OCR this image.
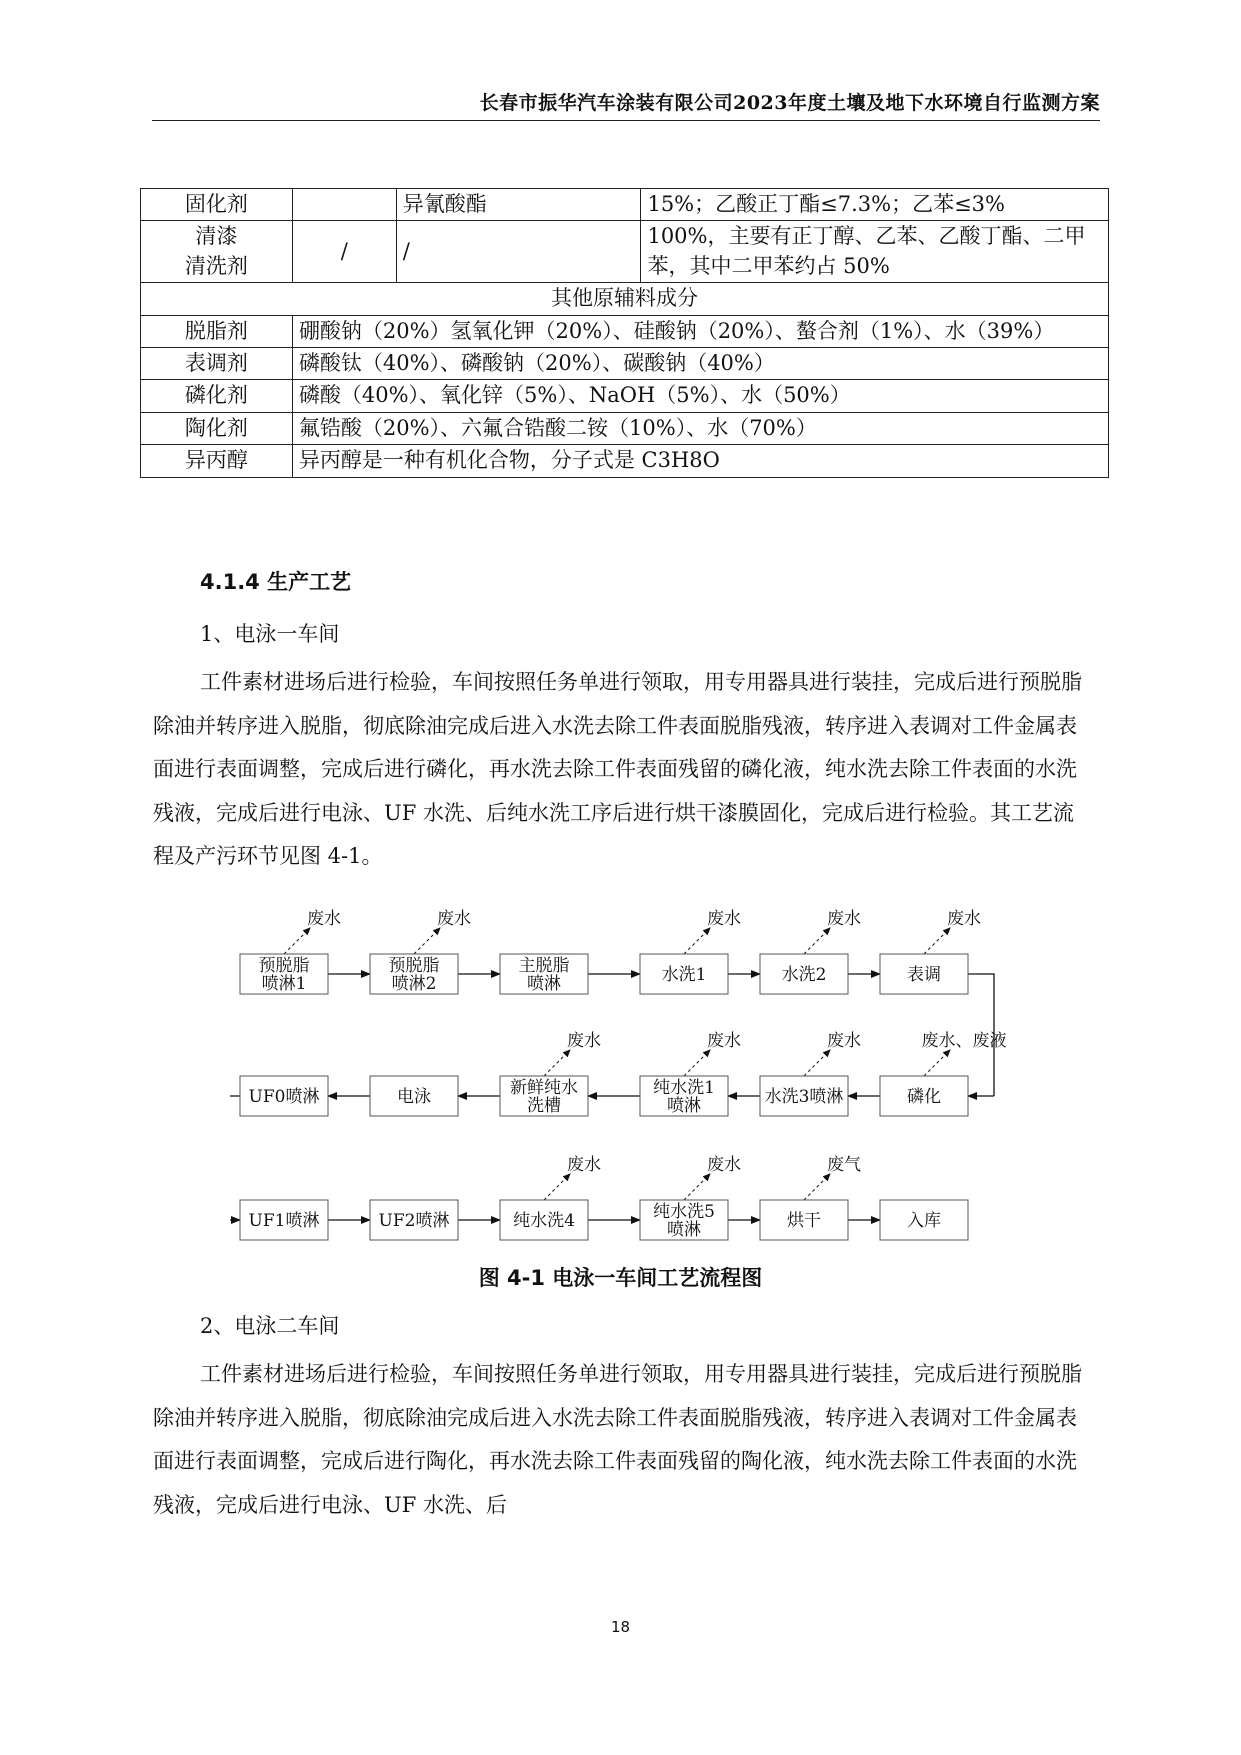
长春市振华汽车涂装有限公司2023年度土壤及地下水环境自行监测方案
固化剂		异氰酸酯	15%；乙酸正丁酯≤7.3%；乙苯≤3%

清漆
清洗剂	/	/	100%，主要有正丁醇、乙苯、乙酸丁酯、二甲苯，其中二甲苯约占 50%
其他原辅料成分			
脱脂剂	硼酸钠（20%）氢氧化钾（20%）、硅酸钠（20%）、螯合剂（1%）、水（39%）		
表调剂	磷酸钛（40%）、磷酸钠（20%）、碳酸钠（40%）		
磷化剂	磷酸（40%）、氧化锌（5%）、NaOH（5%）、水（50%）		
陶化剂	氟锆酸（20%）、六氟合锆酸二铵（10%）、水（70%）		
异丙醇	异丙醇是一种有机化合物，分子式是 C3H8O		
4.1.4 生产工艺
1、电泳一车间

工件素材进场后进行检验，车间按照任务单进行领取，用专用器具进行装挂，完成后进行预脱脂除油并转序进入脱脂，彻底除油完成后进入水洗去除工件表面脱脂残液，转序进入表调对工件金属表面进行表面调整，完成后进行磷化，再水洗去除工件表面残留的磷化液，纯水洗去除工件表面的水洗残液，完成后进行电泳、UF 水洗、后纯水洗工序后进行烘干漆膜固化，完成后进行检验。其工艺流程及产污环节见图 4-1。

预脱脂
喷淋1
废水
预脱脂
喷淋2
废水
主脱脂
喷淋	水洗1
废水
水洗2
废水
表调
废水
磷化
废水、废液
水洗3喷淋
废水
纯水洗1
喷淋
废水
新鲜纯水
洗槽
废水
电泳
UF0喷淋
UF1喷淋	UF2喷淋	纯水洗4
废水
纯水洗5
喷淋
废水
烘干
废气
入库
图 4-1 电泳一车间工艺流程图
2、电泳二车间

工件素材进场后进行检验，车间按照任务单进行领取，用专用器具进行装挂，完成后进行预脱脂除油并转序进入脱脂，彻底除油完成后进入水洗去除工件表面脱脂残液，转序进入表调对工件金属表面进行表面调整，完成后进行陶化，再水洗去除工件表面残留的陶化液，纯水洗去除工件表面的水洗残液，完成后进行电泳、UF 水洗、后

18
